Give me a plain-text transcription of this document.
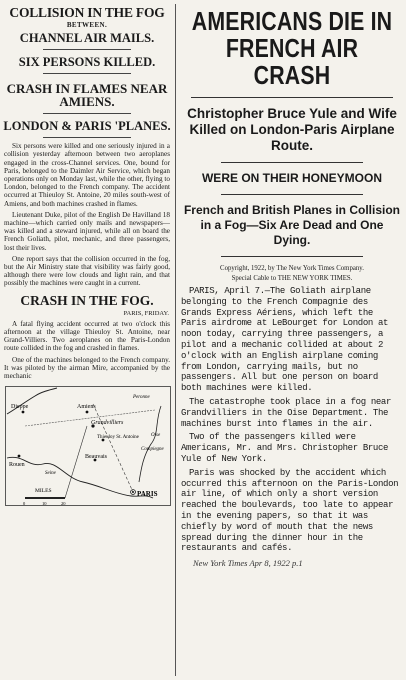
COLLISION IN THE FOG
BETWEEN.
CHANNEL AIR MAILS.
SIX PERSONS KILLED.
CRASH IN FLAMES NEAR AMIENS.
LONDON & PARIS 'PLANES.

Six persons were killed and one seriously injured in a collision yesterday afternoon between two aeroplanes engaged in the cross-Channel services. One, bound for Paris, belonged to the Daimler Air Service, which began operations only on Monday last, while the other, flying to London, belonged to the French company. The accident occurred at Thieuloy St. Antoine, 20 miles south-west of Amiens, and both machines crashed in flames.

Lieutenant Duke, pilot of the English De Havilland 18 machine—which carried only mails and newspapers—was killed and a steward injured, while all on board the French Goliath, pilot, mechanic, and three passengers, lost their lives.

One report says that the collision occurred in the fog, but the Air Ministry state that visibility was fairly good, although there were low clouds and light rain, and that possibly the machines were caught in a current.

CRASH IN THE FOG.
PARIS, FRIDAY.

A fatal flying accident occurred at two o'clock this afternoon at the village Thieuloy St. Antoine, near Grand-Villiers. Two aeroplanes on the Paris-London route collided in the fog and crashed in flames.

One of the machines belonged to the French company. It was piloted by the airman Mire, accompanied by the mechanic

Dieppe	Amiens
Grandvilliers
Thieuloy St. Antoine
Rouen
Beauvais
Seine
Oise
Peronne
Compiegne
MILES	PARIS
0	10	20
AMERICANS DIE IN FRENCH AIR CRASH
Christopher Bruce Yule and Wife Killed on London-Paris Airplane Route.
WERE ON THEIR HONEYMOON
French and British Planes in Collision in a Fog—Six Are Dead and One Dying.
Copyright, 1922, by The New York Times Company.
Special Cable to THE NEW YORK TIMES.

PARIS, April 7.—The Goliath airplane belonging to the French Compagnie des Grands Express Aériens, which left the Paris airdrome at LeBourget for London at noon today, carrying three passengers, a pilot and a mechanic collided at about 2 o'clock with an English airplane coming from London, carrying mails, but no passengers. All but one person on board both machines were killed.

The catastrophe took place in a fog near Grandvilliers in the Oise Department. The machines burst into flames in the air.

Two of the passengers killed were Americans, Mr. and Mrs. Christopher Bruce Yule of New York.

Paris was shocked by the accident which occurred this afternoon on the Paris-London air line, of which only a short version reached the boulevards, too late to appear in the evening papers, so that it was chiefly by word of mouth that the news spread during the dinner hour in the restaurants and cafés.

New York Times Apr 8, 1922 p.1
